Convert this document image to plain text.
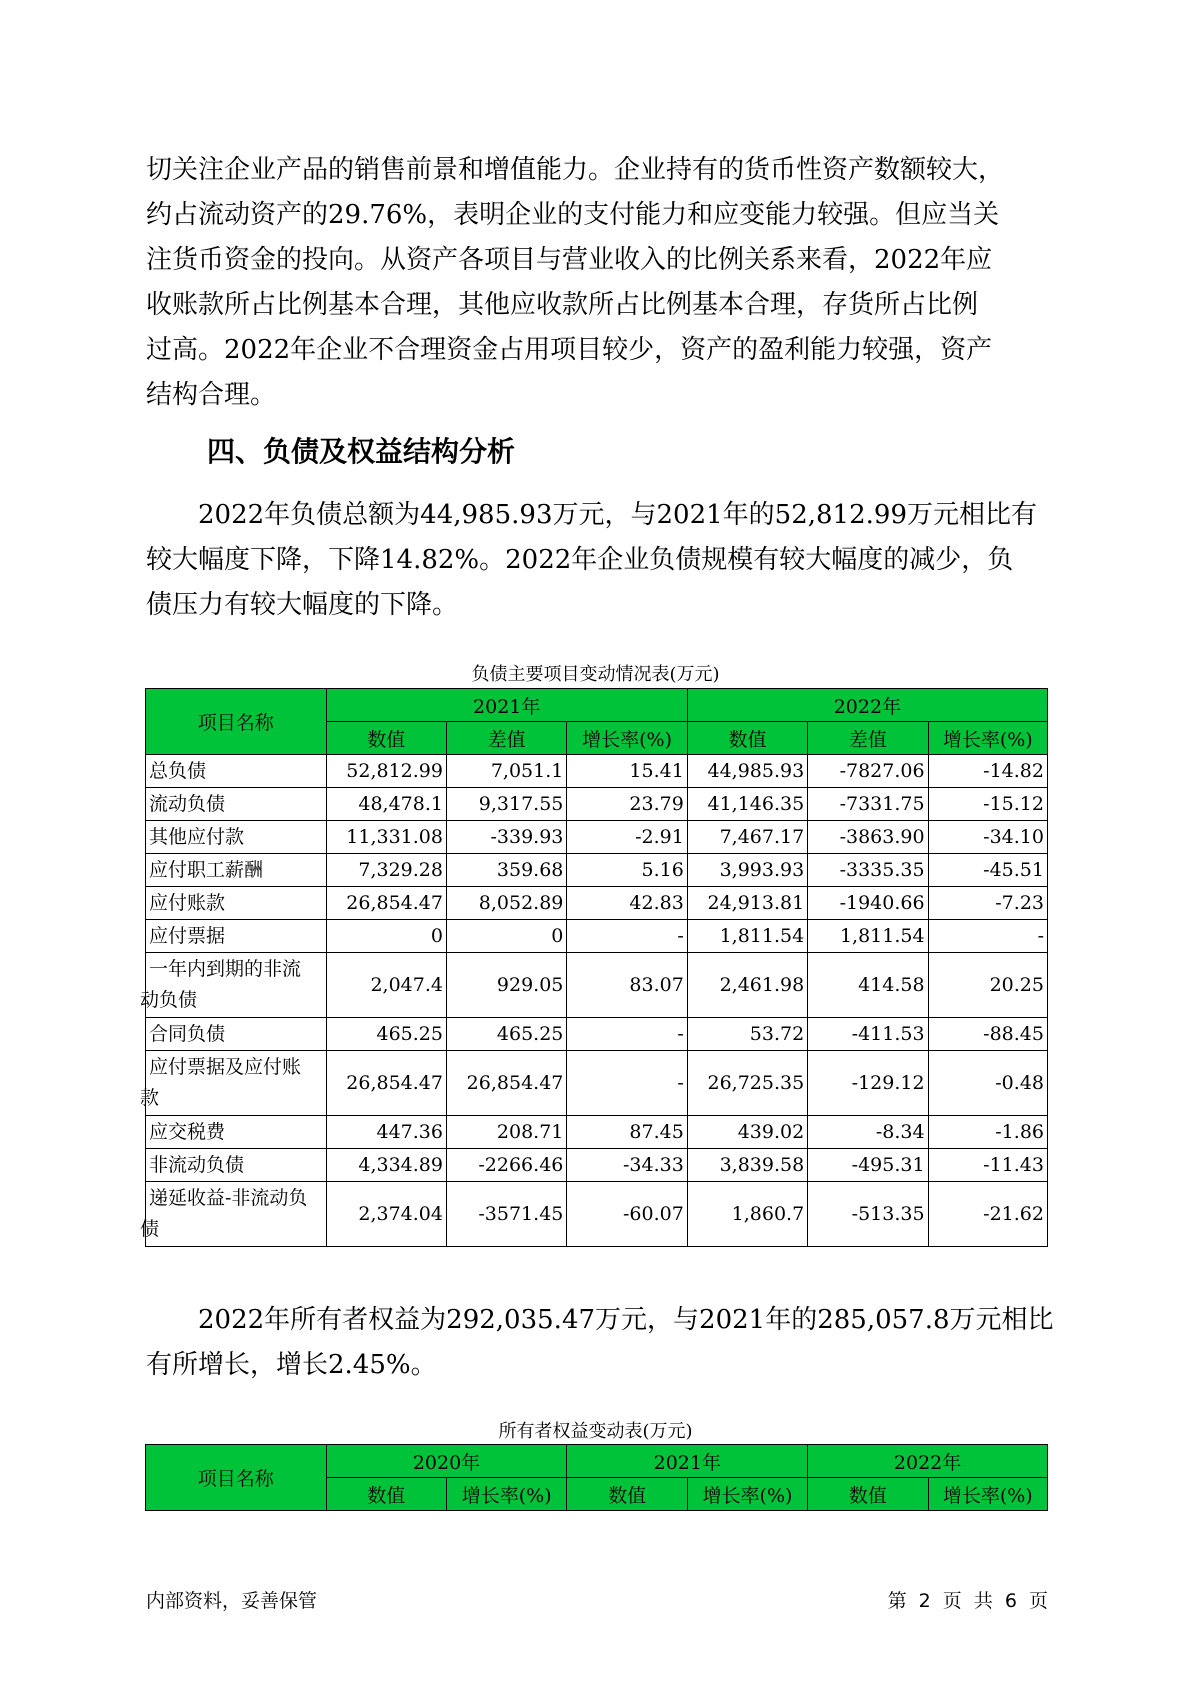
切关注企业产品的销售前景和增值能力。企业持有的货币性资产数额较大，
约占流动资产的29.76%，表明企业的支付能力和应变能力较强。但应当关
注货币资金的投向。从资产各项目与营业收入的比例关系来看，2022年应
收账款所占比例基本合理，其他应收款所占比例基本合理，存货所占比例
过高。2022年企业不合理资金占用项目较少，资产的盈利能力较强，资产
结构合理。
四、负债及权益结构分析
2022年负债总额为44,985.93万元，与2021年的52,812.99万元相比有
较大幅度下降，下降14.82%。2022年企业负债规模有较大幅度的减少，负
债压力有较大幅度的下降。

负债主要项目变动情况表(万元)

项目名称	2021年			2022年		
	数值	差值	增长率(%)	数值	差值	增长率(%)

总负债	52,812.99	7,051.1	15.41	44,985.93	-7827.06	-14.82

流动负债	48,478.1	9,317.55	23.79	41,146.35	-7331.75	-15.12

其他应付款	11,331.08	-339.93	-2.91	7,467.17	-3863.90	-34.10

应付职工薪酬	7,329.28	359.68	5.16	3,993.93	-3335.35	-45.51

应付账款	26,854.47	8,052.89	42.83	24,913.81	-1940.66	-7.23

应付票据	0	0	-	1,811.54	1,811.54	-

一年内到期的非流
动负债	2,047.4	929.05	83.07	2,461.98	414.58	20.25

合同负债	465.25	465.25	-	53.72	-411.53	-88.45

应付票据及应付账
款	26,854.47	26,854.47	-	26,725.35	-129.12	-0.48

应交税费	447.36	208.71	87.45	439.02	-8.34	-1.86

非流动负债	4,334.89	-2266.46	-34.33	3,839.58	-495.31	-11.43

递延收益-非流动负
债	2,374.04	-3571.45	-60.07	1,860.7	-513.35	-21.62
2022年所有者权益为292,035.47万元，与2021年的285,057.8万元相比
有所增长，增长2.45%。

所有者权益变动表(万元)

项目名称	2020年		2021年		2022年	
	数值	增长率(%)	数值	增长率(%)	数值	增长率(%)

内部资料，妥善保管	第 2 页 共 6 页
